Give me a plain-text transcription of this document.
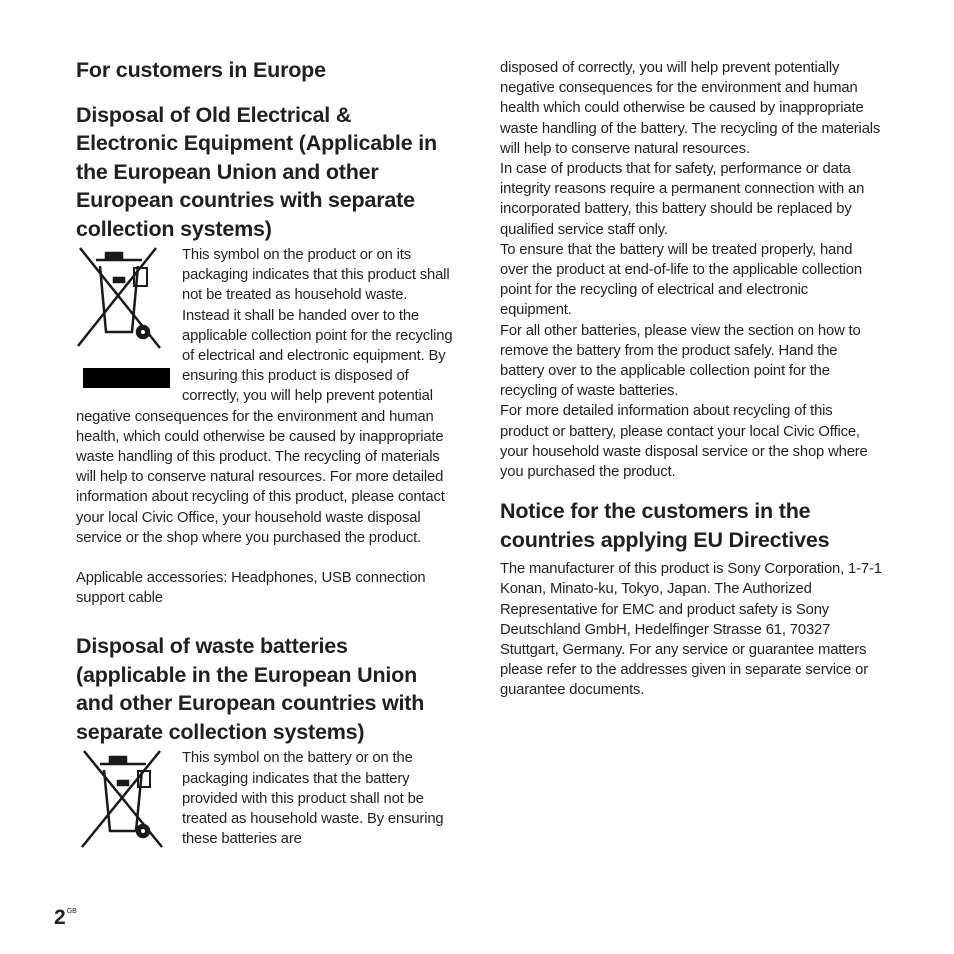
For customers in Europe
Disposal of Old Electrical & Electronic Equipment (Applicable in the European Union and other European countries with separate collection systems)

This symbol on the product or on its packaging indicates that this product shall not be treated as household waste. Instead it shall be handed over to the applicable collection point for the recycling of electrical and electronic equipment. By ensuring this product is disposed of correctly, you will help prevent potential negative consequences for the environment and human health, which could otherwise be caused by inappropriate waste handling of this product. The recycling of materials will help to conserve natural resources. For more detailed information about recycling of this product, please contact your local Civic Office, your household waste disposal service or the shop where you purchased the product.

Applicable accessories: Headphones, USB connection support cable

Disposal of waste batteries (applicable in the European Union and other European countries with separate collection systems)

This symbol on the battery or on the packaging indicates that the battery provided with this product shall not be treated as household waste. By ensuring these batteries are

disposed of correctly, you will help prevent potentially negative consequences for the environment and human health which could otherwise be caused by inappropriate waste handling of the battery. The recycling of the materials will help to conserve natural resources.

In case of products that for safety, performance or data integrity reasons require a permanent connection with an incorporated battery, this battery should be replaced by qualified service staff only.

To ensure that the battery will be treated properly, hand over the product at end-of-life to the applicable collection point for the recycling of electrical and electronic equipment.

For all other batteries, please view the section on how to remove the battery from the product safely. Hand the battery over to the applicable collection point for the recycling of waste batteries.

For more detailed information about recycling of this product or battery, please contact your local Civic Office, your household waste disposal service or the shop where you purchased the product.

Notice for the customers in the countries applying EU Directives

The manufacturer of this product is Sony Corporation, 1-7-1 Konan, Minato-ku, Tokyo, Japan. The Authorized Representative for EMC and product safety is Sony Deutschland GmbH, Hedelfinger Strasse 61, 70327 Stuttgart, Germany. For any service or guarantee matters please refer to the addresses given in separate service or guarantee documents.

$2^{GB}$
